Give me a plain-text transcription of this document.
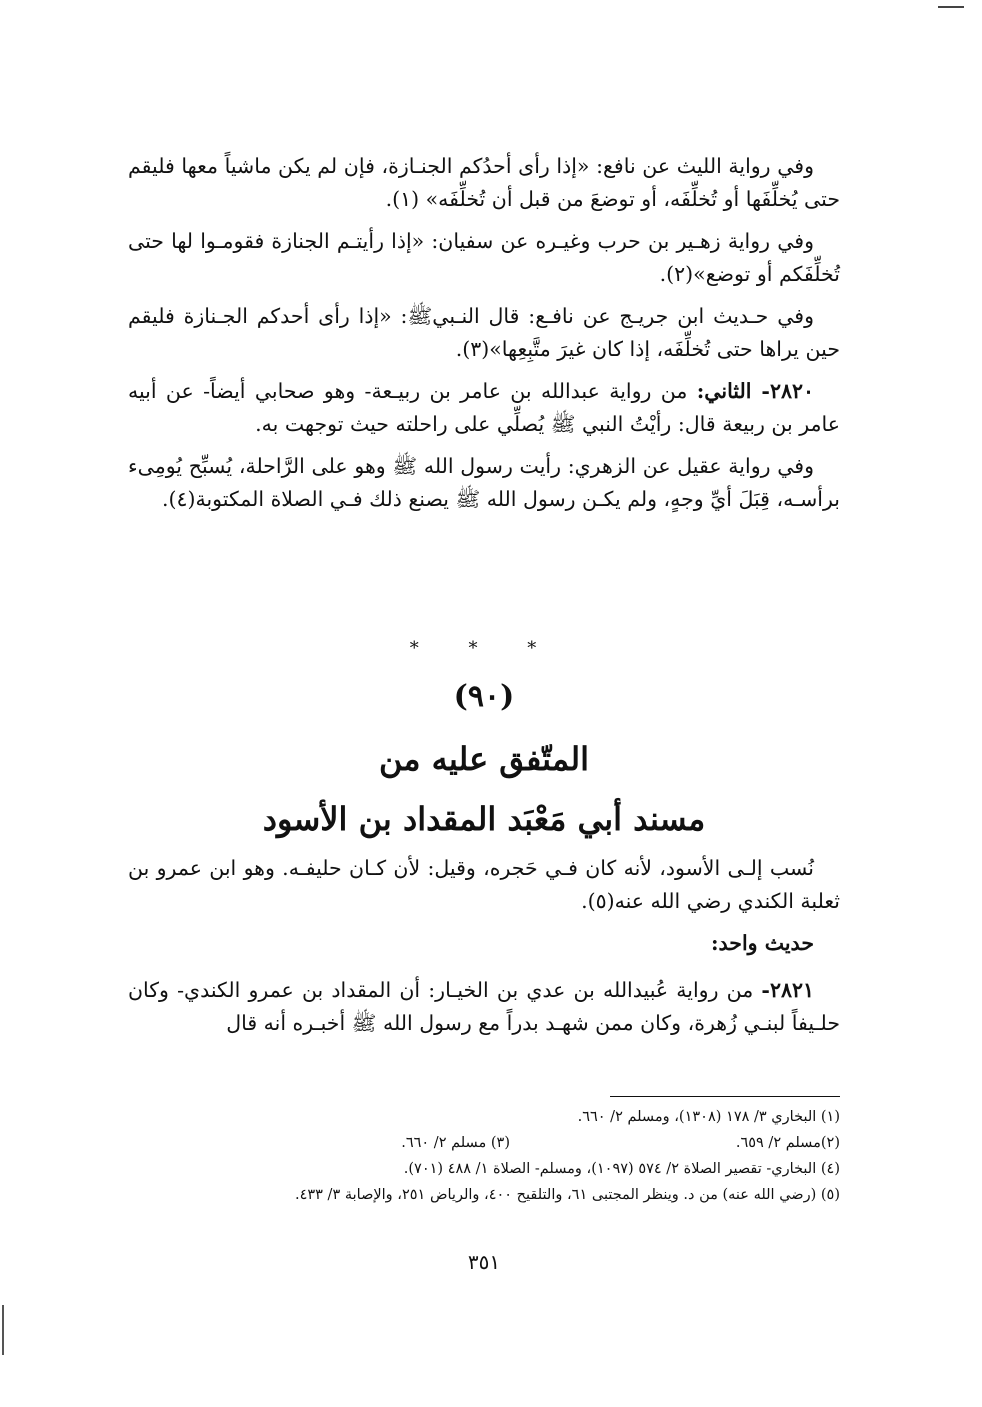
وفي رواية الليث عن نافع: «إذا رأى أحدُكم الجنـازة، فإن لم يكن ماشياً معها فليقم حتى يُخلِّفَها أو تُخلِّفَه، أو توضعَ من قبل أن تُخلِّفَه» (١).

وفي رواية زهـير بن حرب وغيـره عن سفيان: «إذا رأيتـم الجنازة فقومـوا لها حتى تُخلِّفَكم أو توضع»(٢).

وفي حـديث ابن جريـج عن نافـع: قال النـبيﷺ: «إذا رأى أحدكم الجـنازة فليقم حين يراها حتى تُخلِّفَه، إذا كان غيرَ متَّبِعِها»(٣).

٢٨٢٠- الثاني: من رواية عبدالله بن عامر بن ربيـعة- وهو صحابي أيضاً- عن أبيه عامر بن ربيعة قال: رأيْتُ النبي ﷺ يُصلِّي على راحلته حيث توجهت به.

وفي رواية عقيل عن الزهري: رأيت رسول الله ﷺ وهو على الرَّاحلة، يُسبِّح يُومِىء برأسـه، قِبَلَ أيِّ وجهٍ، ولم يكـن رسول الله ﷺ يصنع ذلك فـي الصلاة المكتوبة(٤).

* * *
(٩٠)
المتّفق عليه من
مسند أبي مَعْبَد المقداد بن الأسود

نُسب إلـى الأسود، لأنه كان فـي حَجره، وقيل: لأن كـان حليفـه. وهو ابن عمرو بن ثعلبة الكندي رضي الله عنه(٥).

حديث واحد:

٢٨٢١- من رواية عُبيدالله بن عدي بن الخيـار: أن المقداد بن عمرو الكندي- وكان حلـيفاً لبنـي زُهرة، وكان ممن شهـد بدراً مع رسول الله ﷺ أخبـره أنه قال

(١) البخاري ٣/ ١٧٨ (١٣٠٨)، ومسلم ٢/ ٦٦٠.

(٢)مسلم ٢/ ٦٥٩.

(٣) مسلم ٢/ ٦٦٠.

(٤) البخاري- تقصير الصلاة ٢/ ٥٧٤ (١٠٩٧)، ومسلم- الصلاة ١/ ٤٨٨ (٧٠١).

(٥) (رضي الله عنه) من د. وينظر المجتبى ٦١، والتلقيح ٤٠٠، والرياض ٢٥١، والإصابة ٣/ ٤٣٣.

٣٥١
